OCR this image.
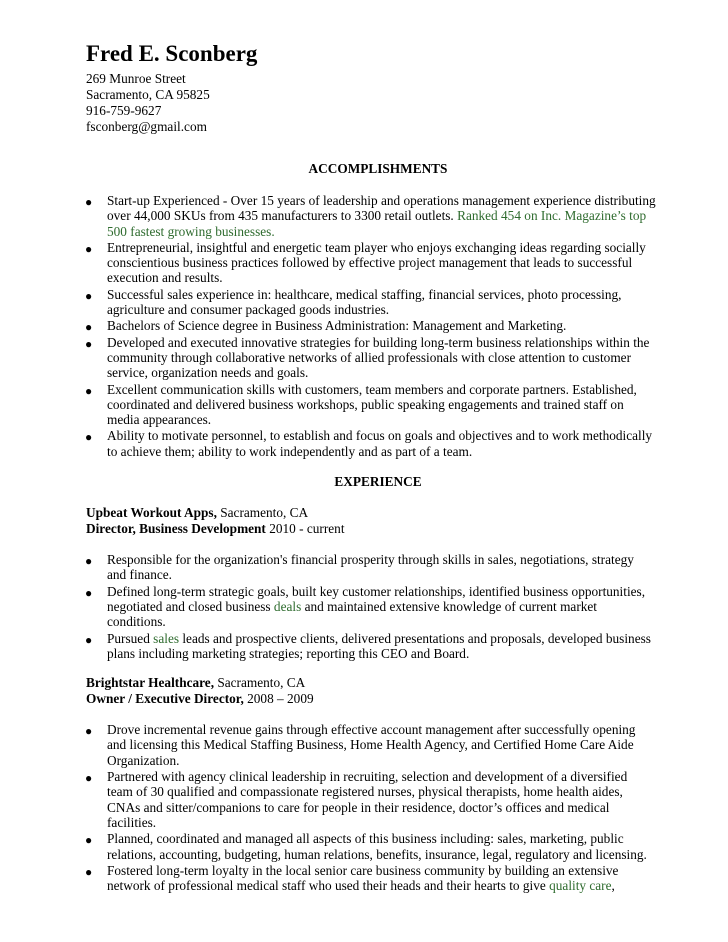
Fred E. Sconberg
269 Munroe Street
Sacramento, CA 95825
916-759-9627
fsconberg@gmail.com
ACCOMPLISHMENTS
● Start-up Experienced - Over 15 years of leadership and operations management experience distributing over 44,000 SKUs from 435 manufacturers to 3300 retail outlets. Ranked 454 on Inc. Magazine’s top 500 fastest growing businesses.
● Entrepreneurial, insightful and energetic team player who enjoys exchanging ideas regarding socially conscientious business practices followed by effective project management that leads to successful execution and results.
● Successful sales experience in: healthcare, medical staffing, financial services, photo processing, agriculture and consumer packaged goods industries.
● Bachelors of Science degree in Business Administration: Management and Marketing.
● Developed and executed innovative strategies for building long-term business relationships within the community through collaborative networks of allied professionals with close attention to customer service, organization needs and goals.
● Excellent communication skills with customers, team members and corporate partners. Established, coordinated and delivered business workshops, public speaking engagements and trained staff on media appearances.
● Ability to motivate personnel, to establish and focus on goals and objectives and to work methodically to achieve them; ability to work independently and as part of a team.
EXPERIENCE
Upbeat Workout Apps, Sacramento, CA
Director, Business Development 2010 - current
● Responsible for the organization's financial prosperity through skills in sales, negotiations, strategy and finance.
● Defined long-term strategic goals, built key customer relationships, identified business opportunities, negotiated and closed business deals and maintained extensive knowledge of current market conditions.
● Pursued sales leads and prospective clients, delivered presentations and proposals, developed business plans including marketing strategies; reporting this CEO and Board.
Brightstar Healthcare, Sacramento, CA
Owner / Executive Director, 2008 – 2009
● Drove incremental revenue gains through effective account management after successfully opening and licensing this Medical Staffing Business, Home Health Agency, and Certified Home Care Aide Organization.
● Partnered with agency clinical leadership in recruiting, selection and development of a diversified team of 30 qualified and compassionate registered nurses, physical therapists, home health aides, CNAs and sitter/companions to care for people in their residence, doctor’s offices and medical facilities.
● Planned, coordinated and managed all aspects of this business including: sales, marketing, public relations, accounting, budgeting, human relations, benefits, insurance, legal, regulatory and licensing.
● Fostered long-term loyalty in the local senior care business community by building an extensive network of professional medical staff who used their heads and their hearts to give quality care,
